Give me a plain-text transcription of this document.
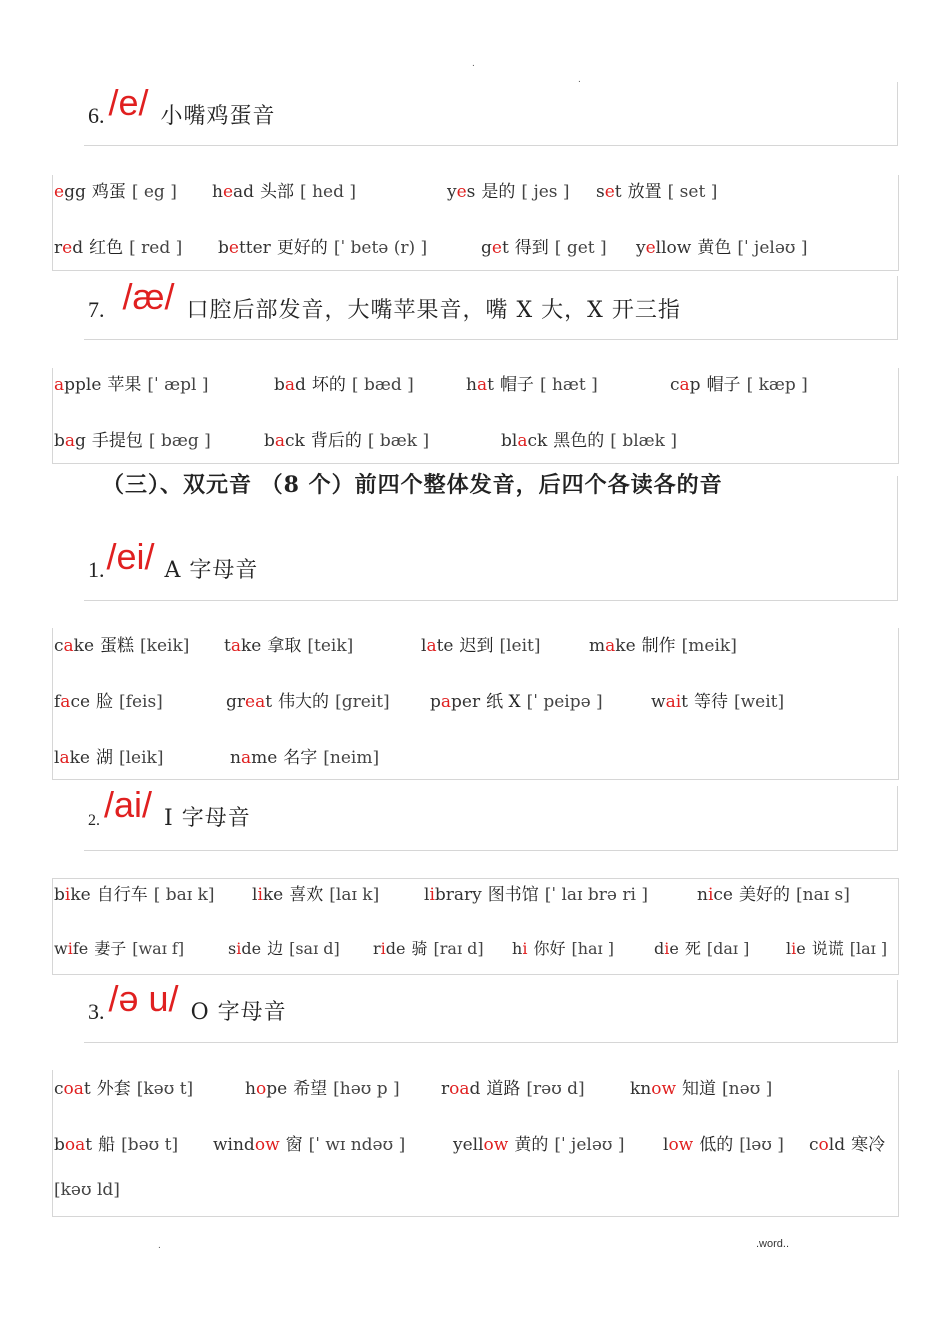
.
.
6. /e/ 小嘴鸡蛋音
egg 鸡蛋 [ eg ] head 头部 [ hed ]	yes 是的 [ jes ] set 放置 [ set ]
red 红色 [ red ] better 更好的 [ˈ betə (r) ]	get 得到 [ get ] yellow 黄色 [ˈ jeləʊ ]
7. /æ/ 口腔后部发音，大嘴苹果音，嘴 X 大，X 开三指
apple 苹果 [ˈ æpl ]	bad 坏的 [ bæd ]	hat 帽子 [ hæt ]	cap 帽子 [ kæp ]
bag 手提包 [ bæg ]	back 背后的 [ bæk ]	black 黑色的 [ blæk ]
（三）、双元音 （8 个）前四个整体发音，后四个各读各的音
1. /ei/ A 字母音
cake 蛋糕 [keik] take 拿取 [teik]	late 迟到 [leit]	make 制作 [meik]
face 脸 [feis]	great 伟大的 [greit] paper 纸 X [ˈ peipə ]	wait 等待 [weit]
lake 湖 [leik]	name 名字 [neim]
2. /ai/ I 字母音
bike 自行车 [ baɪ k] like 喜欢 [laɪ k]	library 图书馆 [ˈ laɪ brə ri ]	nice 美好的 [naɪ s]
wife 妻子 [waɪ f]	side 边 [saɪ d] ride 骑 [raɪ d] hi 你好 [haɪ ]	die 死 [daɪ ] lie 说谎 [laɪ ]
3. /ə u/ O 字母音
coat 外套 [kəʊ t]	hope 希望 [həʊ p ] road 道路 [rəʊ d]	know 知道 [nəʊ ]
boat 船 [bəʊ t] window 窗 [ˈ wɪ ndəʊ ]	yellow 黄的 [ˈ jeləʊ ] low 低的 [ləʊ ] cold 寒冷
[kəʊ ld]
.	.word..
